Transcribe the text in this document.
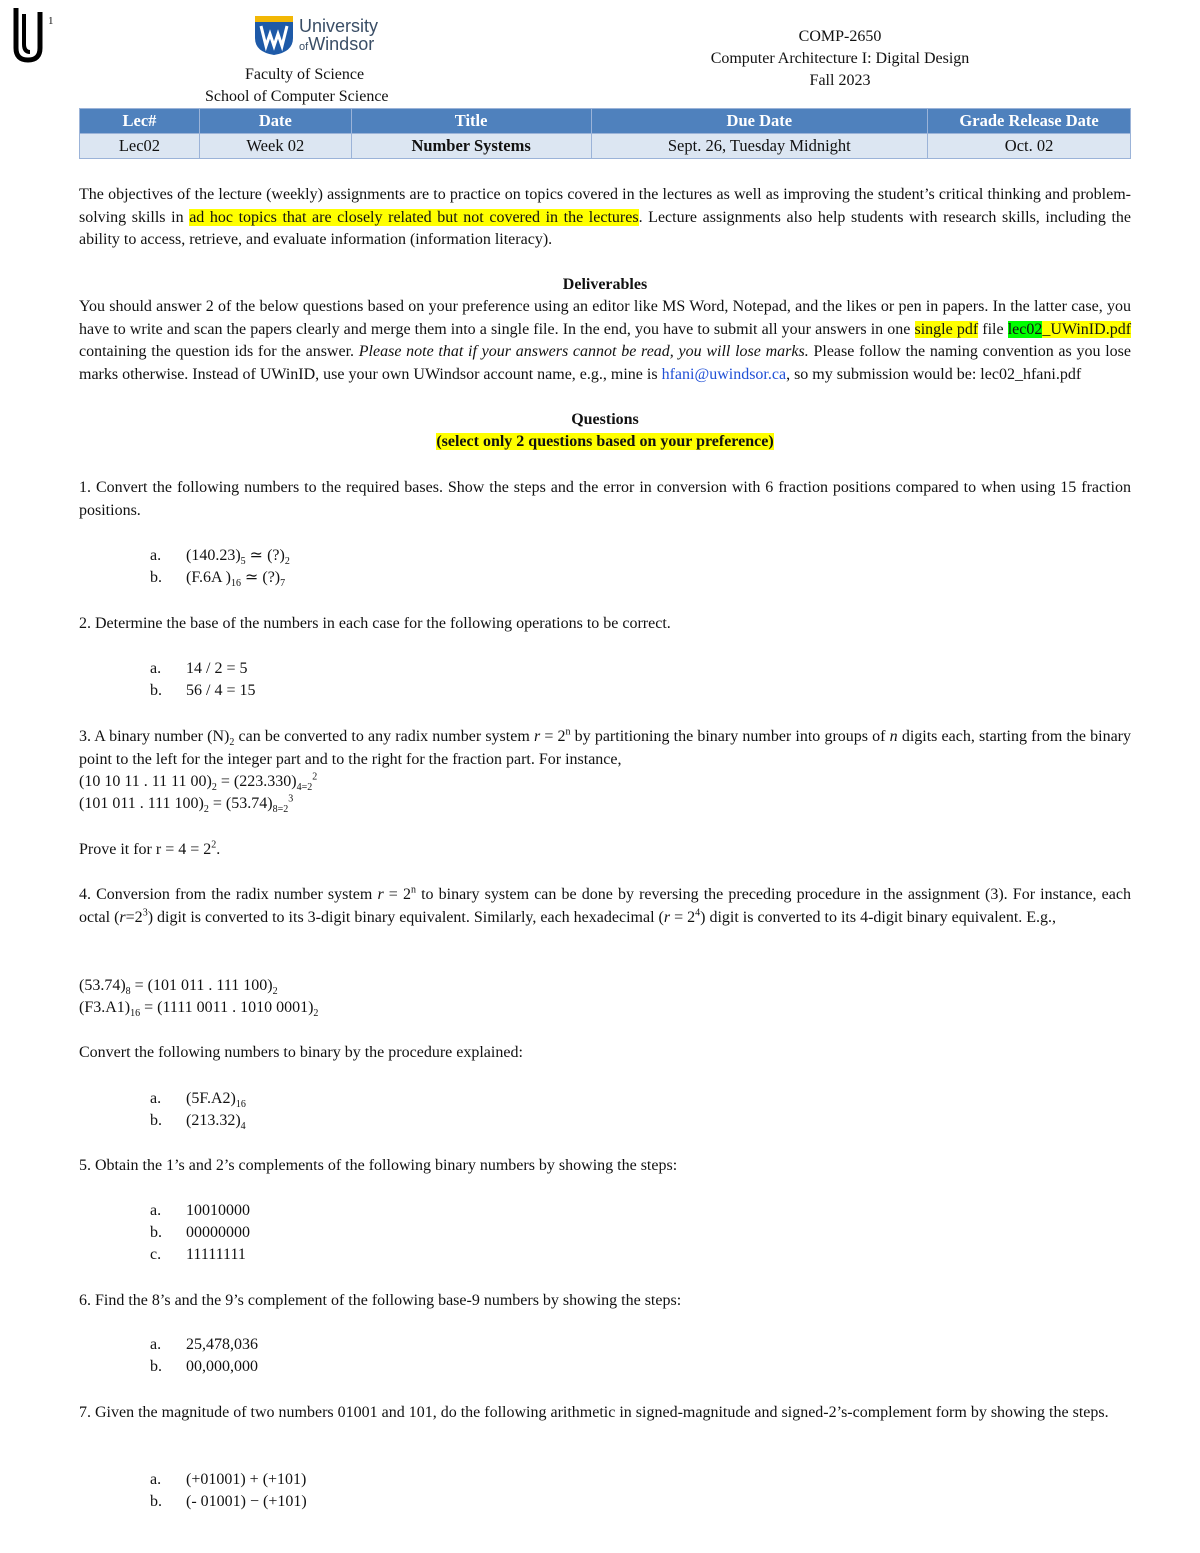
1	University
ofWindsor
Faculty of Science
School of Computer Science
COMP-2650
Computer Architecture I: Digital Design
Fall 2023
Lec#	Date	Title	Due Date	Grade Release Date
Lec02	Week 02	Number Systems	Sept. 26, Tuesday Midnight	Oct. 02
The objectives of the lecture (weekly) assignments are to practice on topics covered in the lectures as well as improving the student’s critical thinking and problem-solving skills in ad hoc topics that are closely related but not covered in the lectures. Lecture assignments also help students with research skills, including the ability to access, retrieve, and evaluate information (information literacy).
Deliverables
You should answer 2 of the below questions based on your preference using an editor like MS Word, Notepad, and the likes or pen in papers. In the latter case, you have to write and scan the papers clearly and merge them into a single file. In the end, you have to submit all your answers in one single pdf file lec02_UWinID.pdf containing the question ids for the answer. Please note that if your answers cannot be read, you will lose marks. Please follow the naming convention as you lose marks otherwise. Instead of UWinID, use your own UWindsor account name, e.g., mine is hfani@uwindsor.ca, so my submission would be: lec02_hfani.pdf
Questions
(select only 2 questions based on your preference)
1. Convert the following numbers to the required bases. Show the steps and the error in conversion with 6 fraction positions compared to when using 15 fraction positions.
a. $(140.23)_5$ ≃ $(?)_2$
b. (F.6A )$_{16}$ ≃ $(?)_7$
2. Determine the base of the numbers in each case for the following operations to be correct.
a. 14 / 2 = 5
b. 56 / 4 = 15
3. A binary number $(N)_2$ can be converted to any radix number system $r = 2^n$ by partitioning the binary number into groups of n digits each, starting from the binary point to the left for the integer part and to the right for the fraction part. For instance,
(10 10 11 . 11 11 $00)_2 = (223.330)_{4=2}^2$
(101 011 . 111 $100)_2 = (53.74)_{8=2}^3$
Prove it for $r = 4 = 2^2$.
4. Conversion from the radix number system $r = 2^n$ to binary system can be done by reversing the preceding procedure in the assignment (3). For instance, each octal $(r=2^3)$ digit is converted to its 3-digit binary equivalent. Similarly, each hexadecimal $(r = 2^4)$ digit is converted to its 4-digit binary equivalent. E.g.,
$(53.74)_8 = (101$ 011 . 111 $100)_2$
$(F3.A1)_{16} = (1111$ 0011 . 1010 $0001)_2$
Convert the following numbers to binary by the procedure explained:
a. $(5F.A2)_{16}$
b. $(213.32)_4$
5. Obtain the 1’s and 2’s complements of the following binary numbers by showing the steps:
a. 10010000
b. 00000000
c. 11111111
6. Find the 8’s and the 9’s complement of the following base-9 numbers by showing the steps:
a. 25,478,036
b. 00,000,000
7. Given the magnitude of two numbers 01001 and 101, do the following arithmetic in signed-magnitude and signed-2’s-complement form by showing the steps.
a. (+01001) + (+101)
b. (- 01001) − (+101)
